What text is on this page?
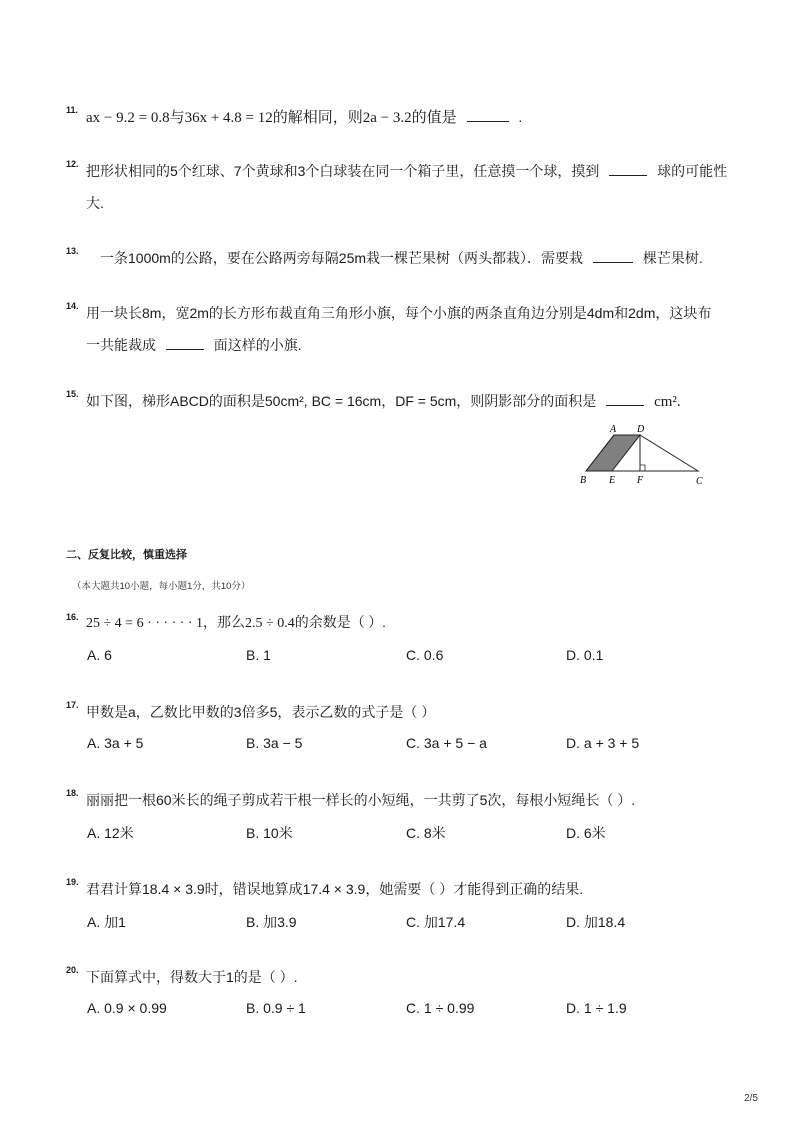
11. ax − 9.2 = 0.8与36x + 4.8 = 12的解相同，则2a − 3.2的值是	.
12. 把形状相同的5个红球、7个黄球和3个白球装在同一个箱子里，任意摸一个球，摸到	球的可能性
大.
13. 一条1000m的公路，要在公路两旁每隔25m栽一棵芒果树（两头都栽）．需要栽	棵芒果树.
14. 用一块长8m，宽2m的长方形布裁直角三角形小旗，每个小旗的两条直角边分别是4dm和2dm，这块布
一共能裁成	面这样的小旗.
15. 如下图，梯形ABCD的面积是50cm², BC = 16cm，DF = 5cm，则阴影部分的面积是	cm².
A D
B E F	C
二、反复比较，慎重选择
（本大题共10小题，每小题1分，共10分）
16. 25 ÷ 4 = 6 · · · · · · 1，那么2.5 ÷ 0.4的余数是（ ）.
A. 6	B. 1	C. 0.6	D. 0.1
17. 甲数是a，乙数比甲数的3倍多5，表示乙数的式子是（ ）
A. 3a + 5	B. 3a − 5	C. 3a + 5 − a	D. a + 3 + 5
18. 丽丽把一根60米长的绳子剪成若干根一样长的小短绳，一共剪了5次，每根小短绳长（ ）.
A. 12米	B. 10米	C. 8米	D. 6米
19. 君君计算18.4 × 3.9时，错误地算成17.4 × 3.9，她需要（ ）才能得到正确的结果.
A. 加1	B. 加3.9	C. 加17.4	D. 加18.4
20. 下面算式中，得数大于1的是（ ）.
A. 0.9 × 0.99	B. 0.9 ÷ 1	C. 1 ÷ 0.99	D. 1 ÷ 1.9
2/5
